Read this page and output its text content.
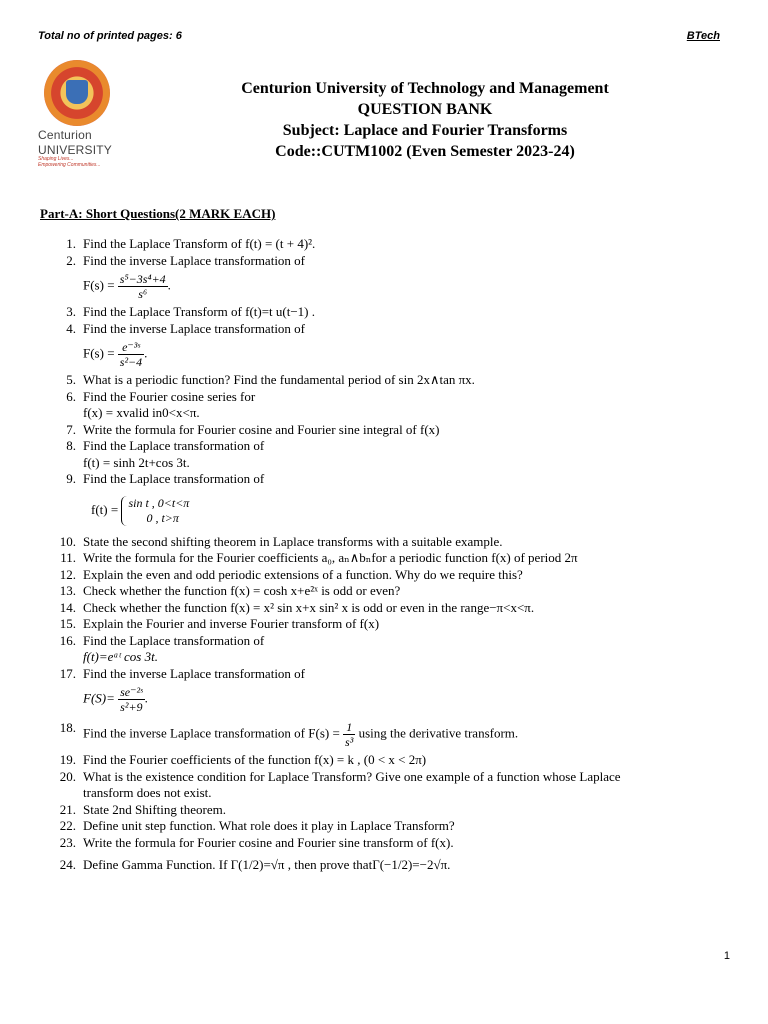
Total no of printed pages: 6	BTech
Centurion
UNIVERSITY
Shaping Lives...
Empowering Communities...
Centurion University of Technology and Management
QUESTION BANK
Subject: Laplace and Fourier Transforms
Code::CUTM1002 (Even Semester 2023-24)
Part-A: Short Questions(2 MARK EACH)
1. Find the Laplace Transform of f(t) = (t + 4)².
2. Find the inverse Laplace transformation of
$F(s) = \frac{\text{s⁵−3s⁴+4}}{\text{s⁶}}$ .
3. Find the Laplace Transform of f(t)=t u(t−1) .
4. Find the inverse Laplace transformation of
$F(s) = \frac{\text{e⁻³ˢ}}{\text{s²−4}}$ .
5. What is a periodic function? Find the fundamental period of sin 2x∧tan πx.
6. Find the Fourier cosine series for
f(x) = xvalid in0<x<π.
7. Write the formula for Fourier cosine and Fourier sine integral of f(x)
8. Find the Laplace transformation of
f(t) = sinh 2t+cos 3t.
9. Find the Laplace transformation of
f(t) = sin t , 0<t<π
0 , t>π
10. State the second shifting theorem in Laplace transforms with a suitable example.
11. Write the formula for the Fourier coefficients a₀, aₙ∧bₙfor a periodic function f(x) of period 2π
12. Explain the even and odd periodic extensions of a function. Why do we require this?
13. Check whether the function f(x) = cosh x+e²ˣ is odd or even?
14. Check whether the function f(x) = x² sin x+x sin² x is odd or even in the range−π<x<π.
15. Explain the Fourier and inverse Fourier transform of f(x)
16. Find the Laplace transformation of
f(t)=eᵃᵗ cos 3t.
17. Find the inverse Laplace transformation of
$F(S)= \frac{\text{se⁻²ˢ}}{\text{s²+9}}$ .
18. Find the inverse Laplace transformation of $F(s) = \frac{1}{\text{s³}}$ using the derivative transform.
19. Find the Fourier coefficients of the function f(x) = k , (0 < x < 2π)
20. What is the existence condition for Laplace Transform? Give one example of a function whose Laplace
transform does not exist.
21. State 2nd Shifting theorem.
22. Define unit step function. What role does it play in Laplace Transform?
23. Write the formula for Fourier cosine and Fourier sine transform of f(x).
24. Define Gamma Function. If Γ(1/2)=√π , then prove thatΓ(−1/2)=−2√π.
1
